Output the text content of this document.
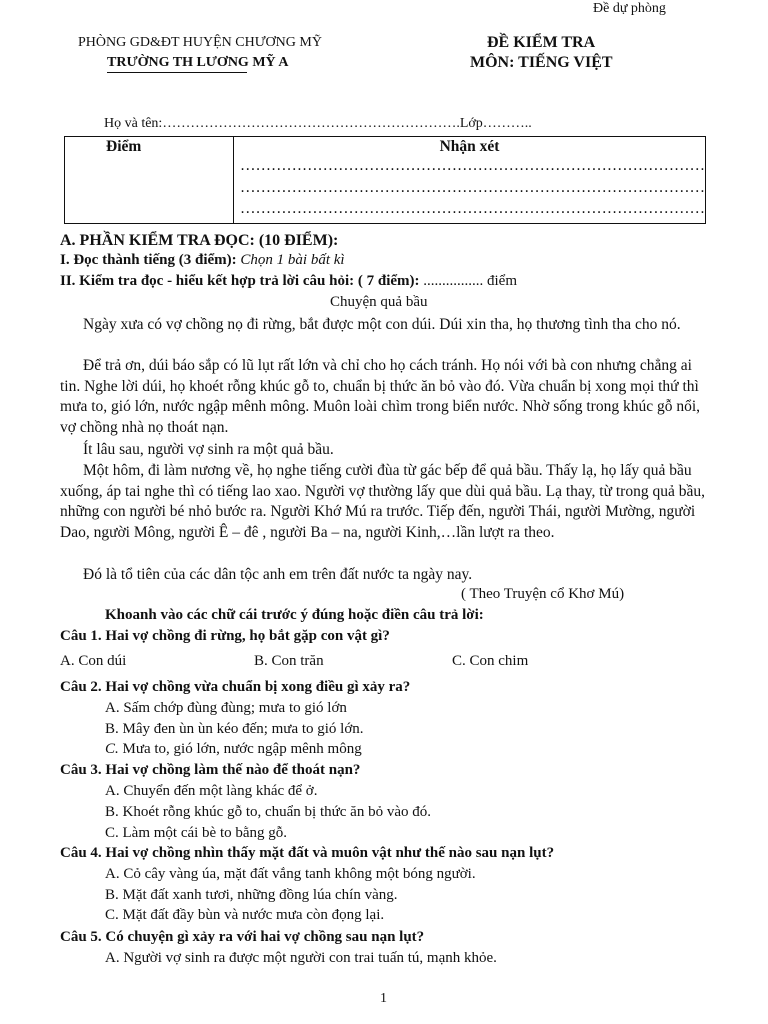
Đề dự phòng
PHÒNG GD&ĐT HUYỆN CHƯƠNG MỸ
TRƯỜNG TH LƯƠNG MỸ A
ĐỀ KIỂM TRA
MÔN: TIẾNG VIỆT
Họ và tên:……………………………………………………….Lớp………..
Điểm	Nhận xét
………………………………………………………………………………
………………………………………………………………………………
………………………………………………………………………………
A. PHẦN KIỂM TRA ĐỌC: (10 ĐIỂM):
I. Đọc thành tiếng (3 điểm): Chọn 1 bài bất kì
II. Kiểm tra đọc - hiểu kết hợp trả lời câu hỏi: ( 7 điểm): ................ điểm
Chuyện quả bầu
Ngày xưa có vợ chồng nọ đi rừng, bắt được một con dúi. Dúi xin tha, họ thương tình tha cho nó.
Để trả ơn, dúi báo sắp có lũ lụt rất lớn và chỉ cho họ cách tránh. Họ nói với bà con nhưng chẳng ai tin. Nghe lời dúi, họ khoét rỗng khúc gỗ to, chuẩn bị thức ăn bỏ vào đó. Vừa chuẩn bị xong mọi thứ thì mưa to, gió lớn, nước ngập mênh mông. Muôn loài chìm trong biển nước. Nhờ sống trong khúc gỗ nổi, vợ chồng nhà nọ thoát nạn.
Ít lâu sau, người vợ sinh ra một quả bầu.
Một hôm, đi làm nương về, họ nghe tiếng cười đùa từ gác bếp để quả bầu. Thấy lạ, họ lấy quả bầu xuống, áp tai nghe thì có tiếng lao xao. Người vợ thường lấy que dùi quả bầu. Lạ thay, từ trong quả bầu, những con người bé nhỏ bước ra. Người Khớ Mú ra trước. Tiếp đến, người Thái, người Mường, người Dao, người Mông, người Ê – đê , người Ba – na, người Kinh,…lần lượt ra theo.
Đó là tổ tiên của các dân tộc anh em trên đất nước ta ngày nay.
( Theo Truyện cổ Khơ Mú)
Khoanh vào các chữ cái trước ý đúng hoặc điền câu trả lời:
Câu 1. Hai vợ chồng đi rừng, họ bắt gặp con vật gì?
A. Con dúi	B. Con trăn	C. Con chim
Câu 2. Hai vợ chồng vừa chuẩn bị xong điều gì xảy ra?
A. Sấm chớp đùng đùng; mưa to gió lớn
B. Mây đen ùn ùn kéo đến; mưa to gió lớn.
C. Mưa to, gió lớn, nước ngập mênh mông
Câu 3. Hai vợ chồng làm thế nào để thoát nạn?
A. Chuyển đến một làng khác để ở.
B. Khoét rỗng khúc gỗ to, chuẩn bị thức ăn bỏ vào đó.
C. Làm một cái bè to bằng gỗ.
Câu 4. Hai vợ chồng nhìn thấy mặt đất và muôn vật như thế nào sau nạn lụt?
A. Cỏ cây vàng úa, mặt đất vắng tanh không một bóng người.
B. Mặt đất xanh tươi, những đồng lúa chín vàng.
C. Mặt đất đầy bùn và nước mưa còn đọng lại.
Câu 5. Có chuyện gì xảy ra với hai vợ chồng sau nạn lụt?
A. Người vợ sinh ra được một người con trai tuấn tú, mạnh khỏe.
1
